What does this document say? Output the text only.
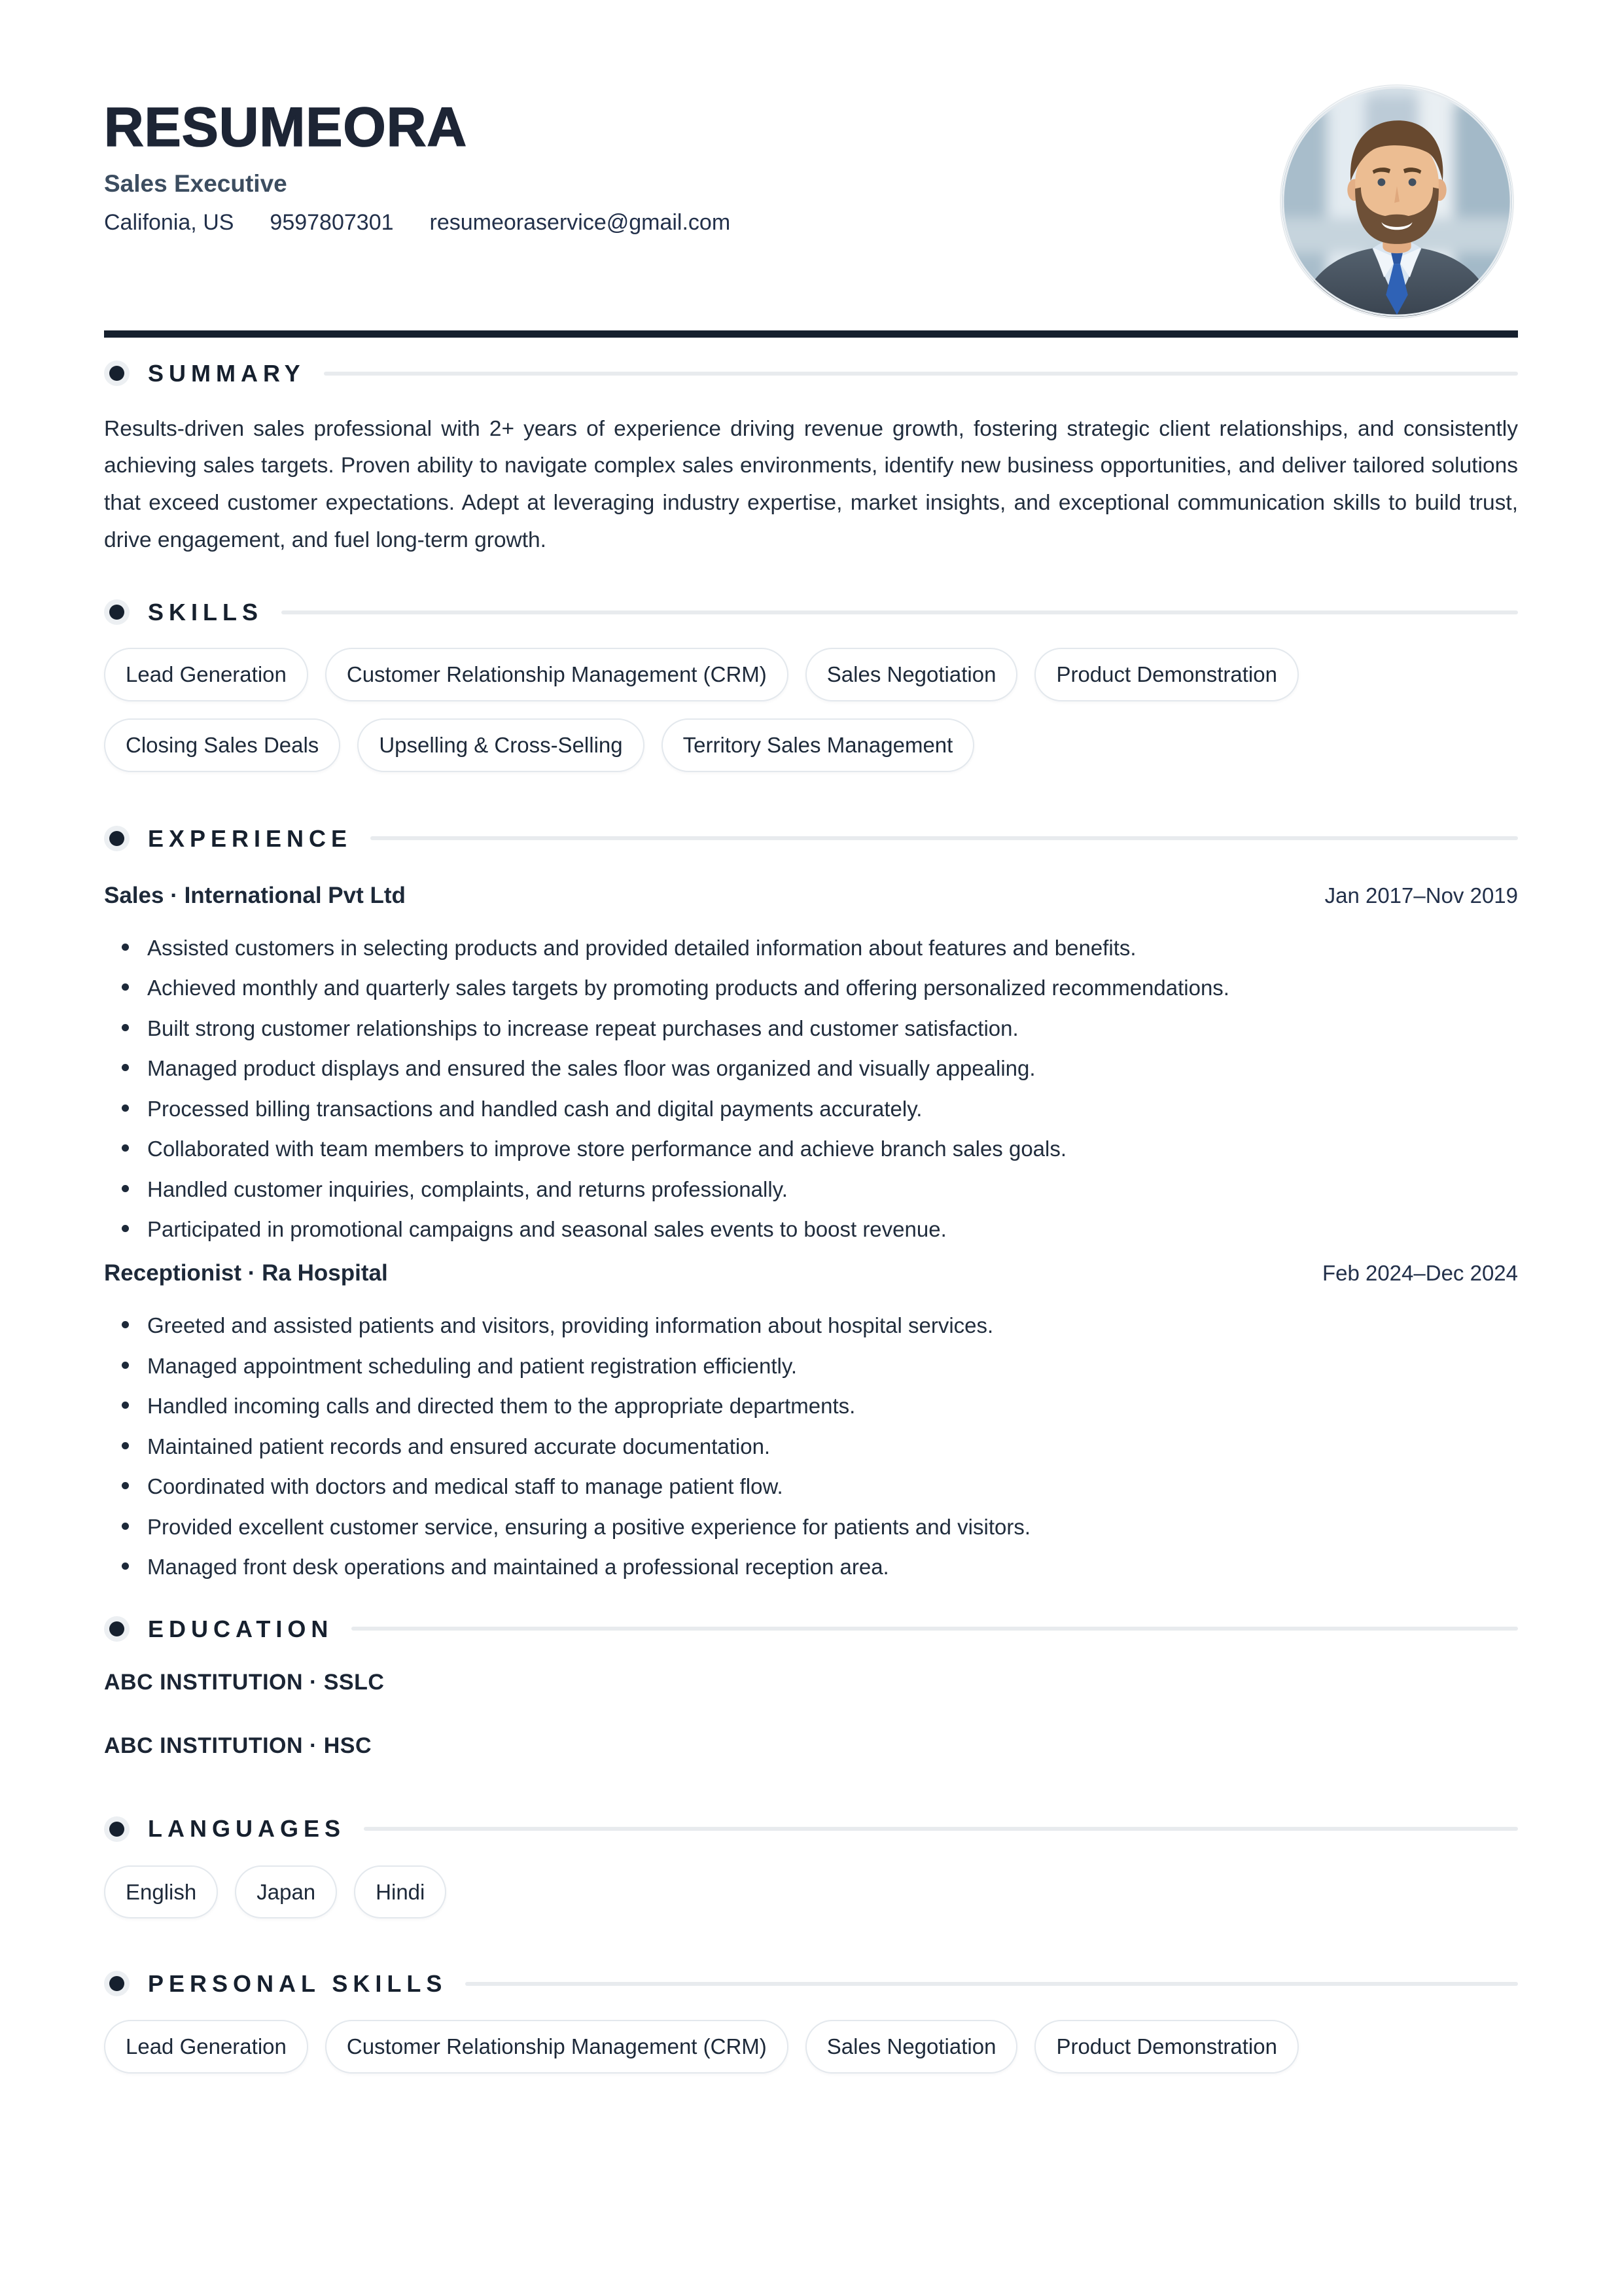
RESUMEORA
Sales Executive
Califonia, US 9597807301 resumeoraservice@gmail.com
SUMMARY

Results-driven sales professional with 2+ years of experience driving revenue growth, fostering strategic client relationships, and consistently achieving sales targets. Proven ability to navigate complex sales environments, identify new business opportunities, and deliver tailored solutions that exceed customer expectations. Adept at leveraging industry expertise, market insights, and exceptional communication skills to build trust, drive engagement, and fuel long-term growth.

SKILLS
Lead Generation	Customer Relationship Management (CRM)	Sales Negotiation	Product Demonstration
Closing Sales Deals	Upselling & Cross-Selling	Territory Sales Management
EXPERIENCE
Sales · International Pvt Ltd	Jan 2017–Nov 2019
Assisted customers in selecting products and provided detailed information about features and benefits.
Achieved monthly and quarterly sales targets by promoting products and offering personalized recommendations.
Built strong customer relationships to increase repeat purchases and customer satisfaction.
Managed product displays and ensured the sales floor was organized and visually appealing.
Processed billing transactions and handled cash and digital payments accurately.
Collaborated with team members to improve store performance and achieve branch sales goals.
Handled customer inquiries, complaints, and returns professionally.
Participated in promotional campaigns and seasonal sales events to boost revenue.
Receptionist · Ra Hospital	Feb 2024–Dec 2024
Greeted and assisted patients and visitors, providing information about hospital services.
Managed appointment scheduling and patient registration efficiently.
Handled incoming calls and directed them to the appropriate departments.
Maintained patient records and ensured accurate documentation.
Coordinated with doctors and medical staff to manage patient flow.
Provided excellent customer service, ensuring a positive experience for patients and visitors.
Managed front desk operations and maintained a professional reception area.
EDUCATION
ABC INSTITUTION · SSLC
ABC INSTITUTION · HSC
LANGUAGES
English	Japan	Hindi
PERSONAL SKILLS
Lead Generation	Customer Relationship Management (CRM)	Sales Negotiation	Product Demonstration
